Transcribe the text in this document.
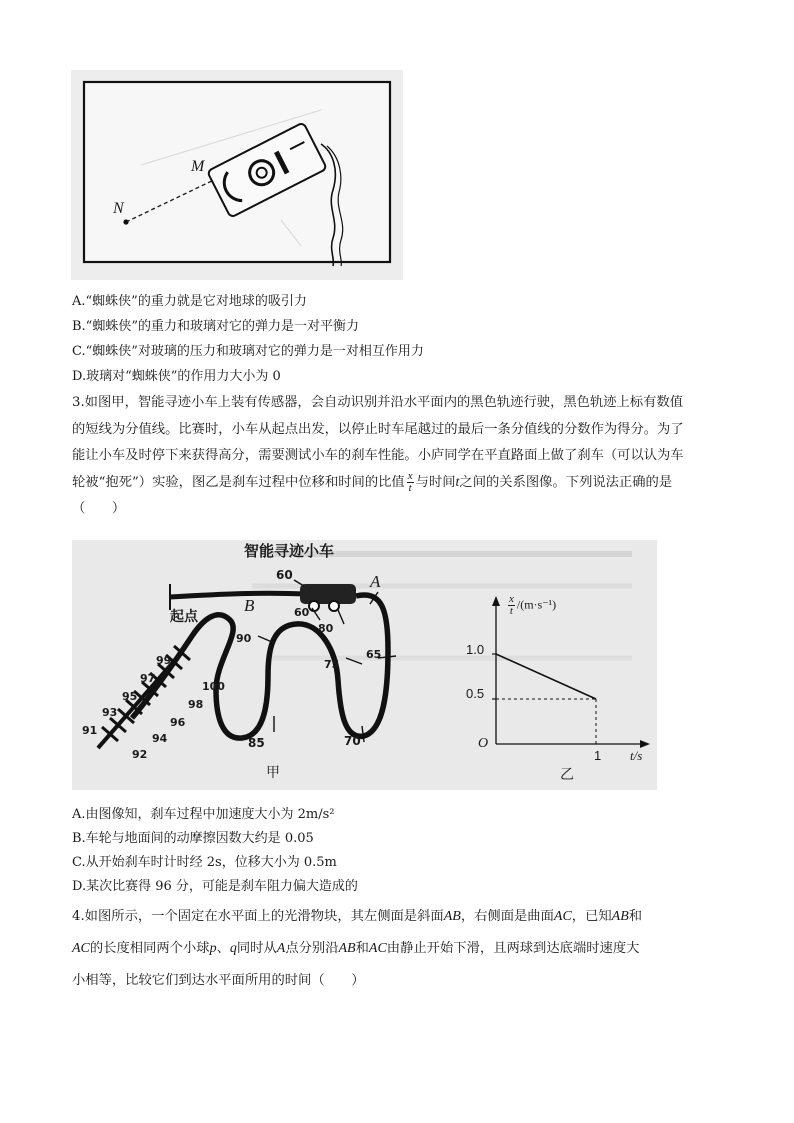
M
N
A.“蜘蛛侠”的重力就是它对地球的吸引力
B.“蜘蛛侠”的重力和玻璃对它的弹力是一对平衡力
C.“蜘蛛侠”对玻璃的压力和玻璃对它的弹力是一对相互作用力
D.玻璃对“蜘蛛侠”的作用力大小为 0
3.如图甲，智能寻迹小车上装有传感器，会自动识别并沿水平面内的黑色轨迹行驶，黑色轨迹上标有数值
的短线为分值线。比赛时，小车从起点出发，以停止时车尾越过的最后一条分值线的分数作为得分。为了
能让小车及时停下来获得高分，需要测试小车的刹车性能。小庐同学在平直路面上做了刹车（可以认为车
轮被“抱死”）实验，图乙是刹车过程中位移和时间的比值 $\frac{x}{t}$ 与时间t之间的关系图像。下列说法正确的是
（　　）
智能寻迹小车
起点
A
B
甲
60
60
80
90
75
65
85	70
99
97
95
93
91
100
98
96
94
92
$\frac{x}{t} /(m\cdot s^{-1})$
1.0
0.5
O
1 t/s
乙
A.由图像知，刹车过程中加速度大小为 2m/s²
B.车轮与地面间的动摩擦因数大约是 0.05
C.从开始刹车时计时经 2s，位移大小为 0.5m
D.某次比赛得 96 分，可能是刹车阻力偏大造成的
4.如图所示，一个固定在水平面上的光滑物块，其左侧面是斜面AB，右侧面是曲面AC，已知AB和
AC的长度相同两个小球p、q同时从A点分别沿AB和AC由静止开始下滑，且两球到达底端时速度大
小相等，比较它们到达水平面所用的时间（　　）
